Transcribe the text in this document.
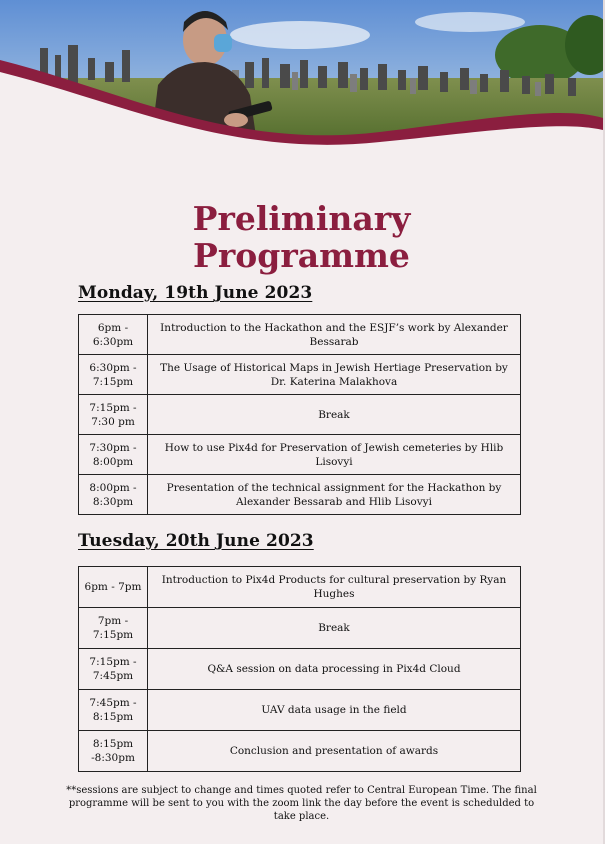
Preliminary
Programme
Monday, 19th June 2023
6pm - 6:30pm	Introduction to the Hackathon and the ESJF’s work by Alexander Bessarab
6:30pm - 7:15pm	The Usage of Historical Maps in Jewish Hertiage Preservation by Dr. Katerina Malakhova
7:15pm - 7:30 pm	Break
7:30pm - 8:00pm	How to use Pix4d for Preservation of Jewish cemeteries by Hlib Lisovyi
8:00pm - 8:30pm	Presentation of the technical assignment for the Hackathon by Alexander Bessarab and Hlib Lisovyi
Tuesday, 20th June 2023
6pm - 7pm	Introduction to Pix4d Products for cultural preservation by Ryan Hughes
7pm - 7:15pm	Break
7:15pm - 7:45pm	Q&A session on data processing in Pix4d Cloud
7:45pm - 8:15pm	UAV data usage in the field
8:15pm -8:30pm	Conclusion and presentation of awards
**sessions are subject to change and times quoted refer to Central European Time. The final programme will be sent to you with the zoom link the day before the event is schedulded to take place.
